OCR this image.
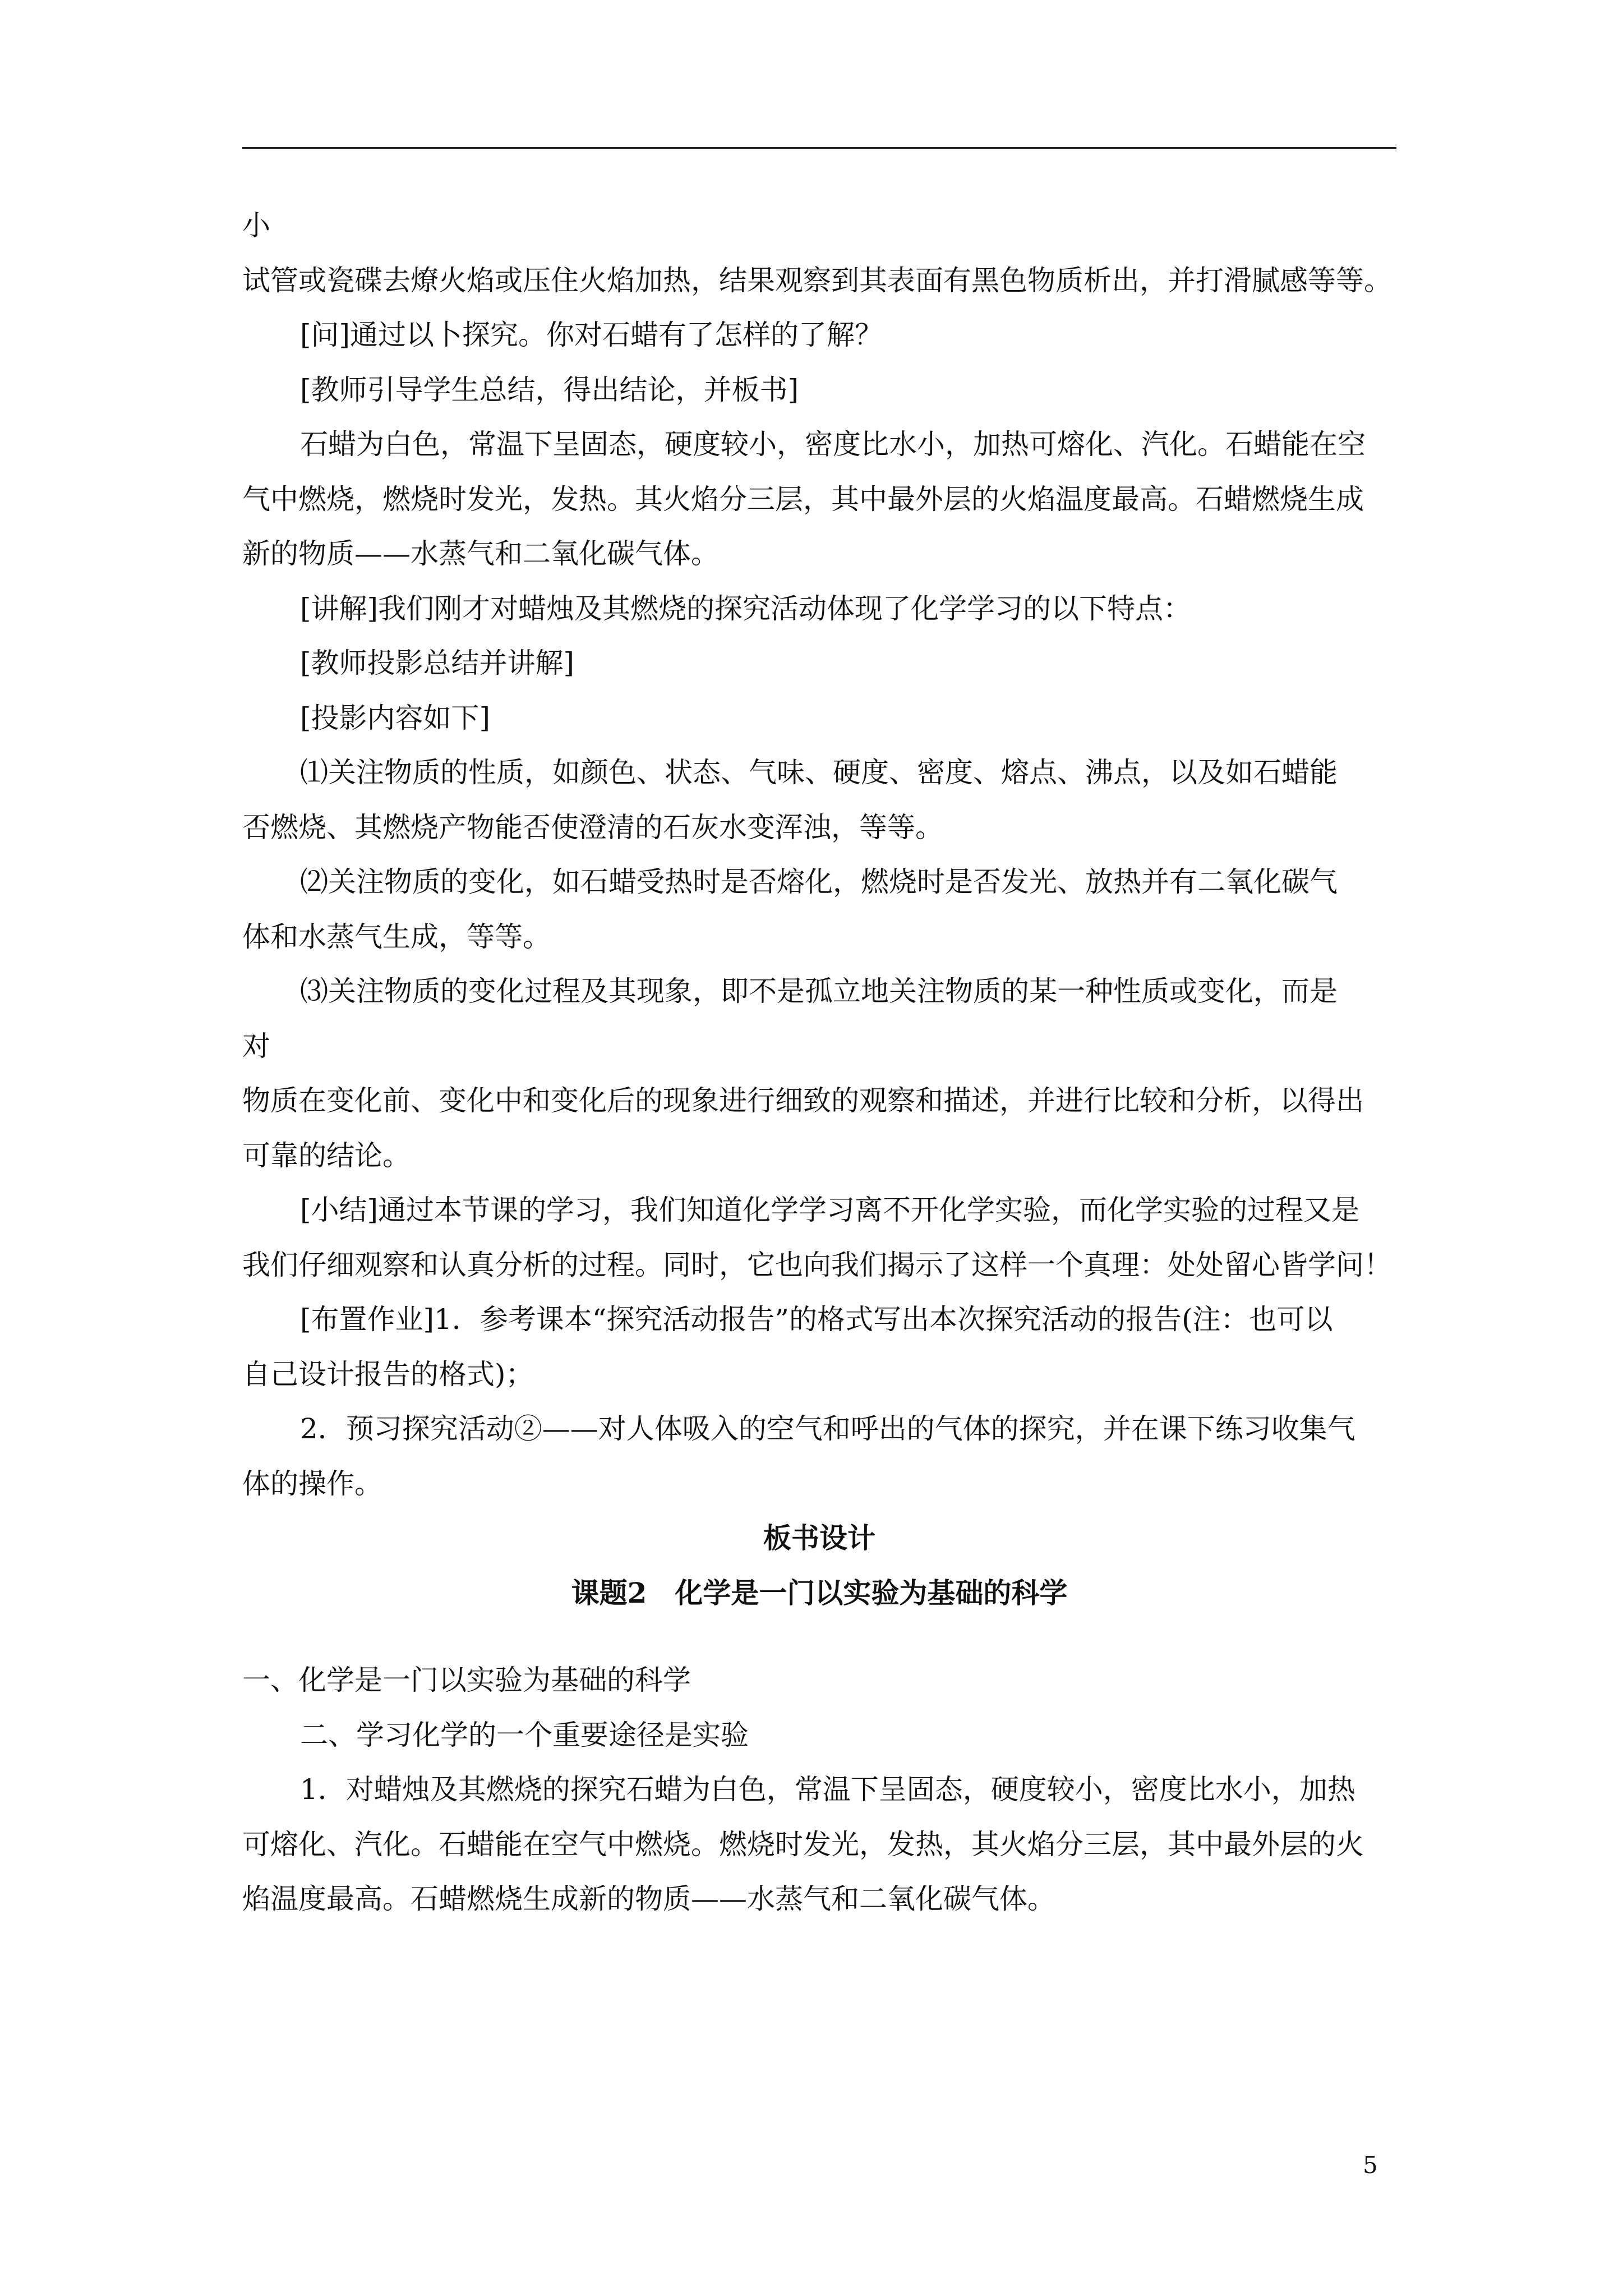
小
试管或瓷碟去燎火焰或压住火焰加热，结果观察到其表面有黑色物质析出，并打滑腻感等等。
[问]通过以卜探究。你对石蜡有了怎样的了解？
[教师引导学生总结，得出结论，并板书]
石蜡为白色，常温下呈固态，硬度较小，密度比水小，加热可熔化、汽化。石蜡能在空
气中燃烧，燃烧时发光，发热。其火焰分三层，其中最外层的火焰温度最高。石蜡燃烧生成
新的物质——水蒸气和二氧化碳气体。
[讲解]我们刚才对蜡烛及其燃烧的探究活动体现了化学学习的以下特点：
[教师投影总结并讲解]
[投影内容如下]
⑴关注物质的性质，如颜色、状态、气味、硬度、密度、熔点、沸点，以及如石蜡能
否燃烧、其燃烧产物能否使澄清的石灰水变浑浊，等等。
⑵关注物质的变化，如石蜡受热时是否熔化，燃烧时是否发光、放热并有二氧化碳气
体和水蒸气生成，等等。
⑶关注物质的变化过程及其现象，即不是孤立地关注物质的某一种性质或变化，而是
对
物质在变化前、变化中和变化后的现象进行细致的观察和描述，并进行比较和分析，以得出
可靠的结论。
[小结]通过本节课的学习，我们知道化学学习离不开化学实验，而化学实验的过程又是
我们仔细观察和认真分析的过程。同时，它也向我们揭示了这样一个真理：处处留心皆学问！
[布置作业]1．参考课本“探究活动报告”的格式写出本次探究活动的报告(注：也可以
自己设计报告的格式)；
2．预习探究活动②——对人体吸入的空气和呼出的气体的探究，并在课下练习收集气
体的操作。
板书设计
课题2　化学是一门以实验为基础的科学
一、化学是一门以实验为基础的科学
二、学习化学的一个重要途径是实验
1．对蜡烛及其燃烧的探究石蜡为白色，常温下呈固态，硬度较小，密度比水小，加热
可熔化、汽化。石蜡能在空气中燃烧。燃烧时发光，发热，其火焰分三层，其中最外层的火
焰温度最高。石蜡燃烧生成新的物质——水蒸气和二氧化碳气体。
5
